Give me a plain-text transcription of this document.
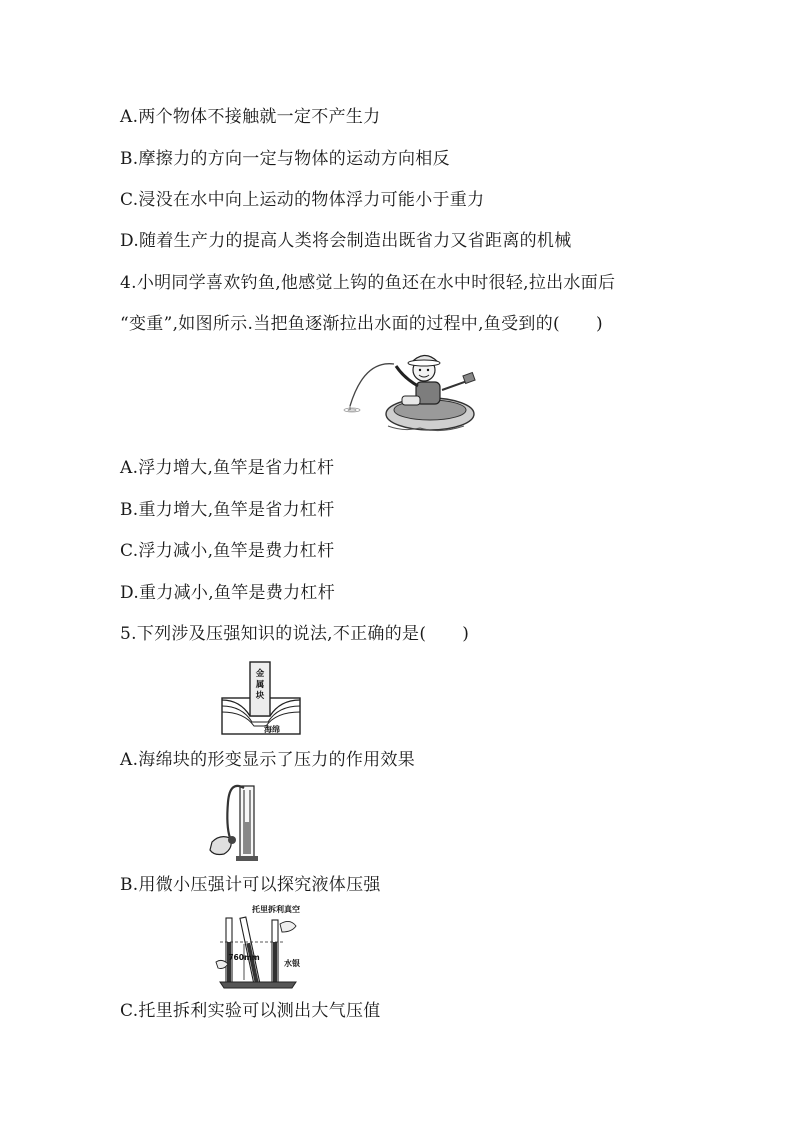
A.两个物体不接触就一定不产生力
B.摩擦力的方向一定与物体的运动方向相反
C.浸没在水中向上运动的物体浮力可能小于重力
D.随着生产力的提高人类将会制造出既省力又省距离的机械
4.小明同学喜欢钓鱼,他感觉上钩的鱼还在水中时很轻,拉出水面后
“变重”,如图所示.当把鱼逐渐拉出水面的过程中,鱼受到的( )
A.浮力增大,鱼竿是省力杠杆
B.重力增大,鱼竿是省力杠杆
C.浮力减小,鱼竿是费力杠杆
D.重力减小,鱼竿是费力杠杆
5.下列涉及压强知识的说法,不正确的是( )
金
属
块
海绵
A.海绵块的形变显示了压力的作用效果
B.用微小压强计可以探究液体压强
托里拆利真空
760mm
水银
C.托里拆利实验可以测出大气压值
